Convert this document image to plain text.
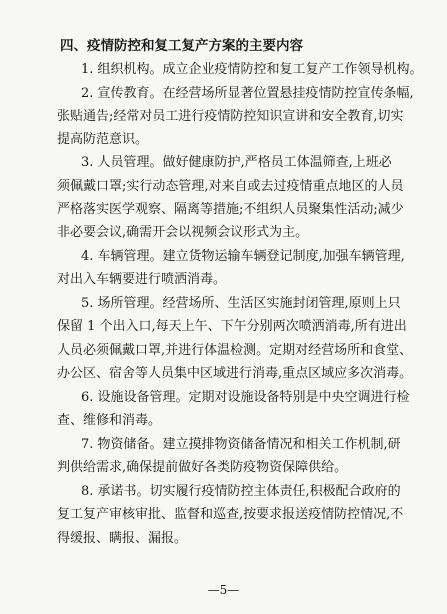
四、疫情防控和复工复产方案的主要内容
1. 组织机构。成立企业疫情防控和复工复产工作领导机构。
2. 宣传教育。在经营场所显著位置悬挂疫情防控宣传条幅,
张贴通告;经常对员工进行疫情防控知识宣讲和安全教育,切实
提高防范意识。
3. 人员管理。做好健康防护,严格员工体温筛查,上班必
须佩戴口罩;实行动态管理,对来自或去过疫情重点地区的人员
严格落实医学观察、隔离等措施;不组织人员聚集性活动;减少
非必要会议,确需开会以视频会议形式为主。
4. 车辆管理。建立货物运输车辆登记制度,加强车辆管理,
对出入车辆要进行喷洒消毒。
5. 场所管理。经营场所、生活区实施封闭管理,原则上只
保留 1 个出入口,每天上午、下午分别两次喷洒消毒,所有进出
人员必须佩戴口罩,并进行体温检测。定期对经营场所和食堂、
办公区、宿舍等人员集中区域进行消毒,重点区域应多次消毒。
6. 设施设备管理。定期对设施设备特别是中央空调进行检
查、维修和消毒。
7. 物资储备。建立摸排物资储备情况和相关工作机制,研
判供给需求,确保提前做好各类防疫物资保障供给。
8. 承诺书。切实履行疫情防控主体责任,积极配合政府的
复工复产审核审批、监督和巡查,按要求报送疫情防控情况,不
得缓报、瞒报、漏报。
—5—
